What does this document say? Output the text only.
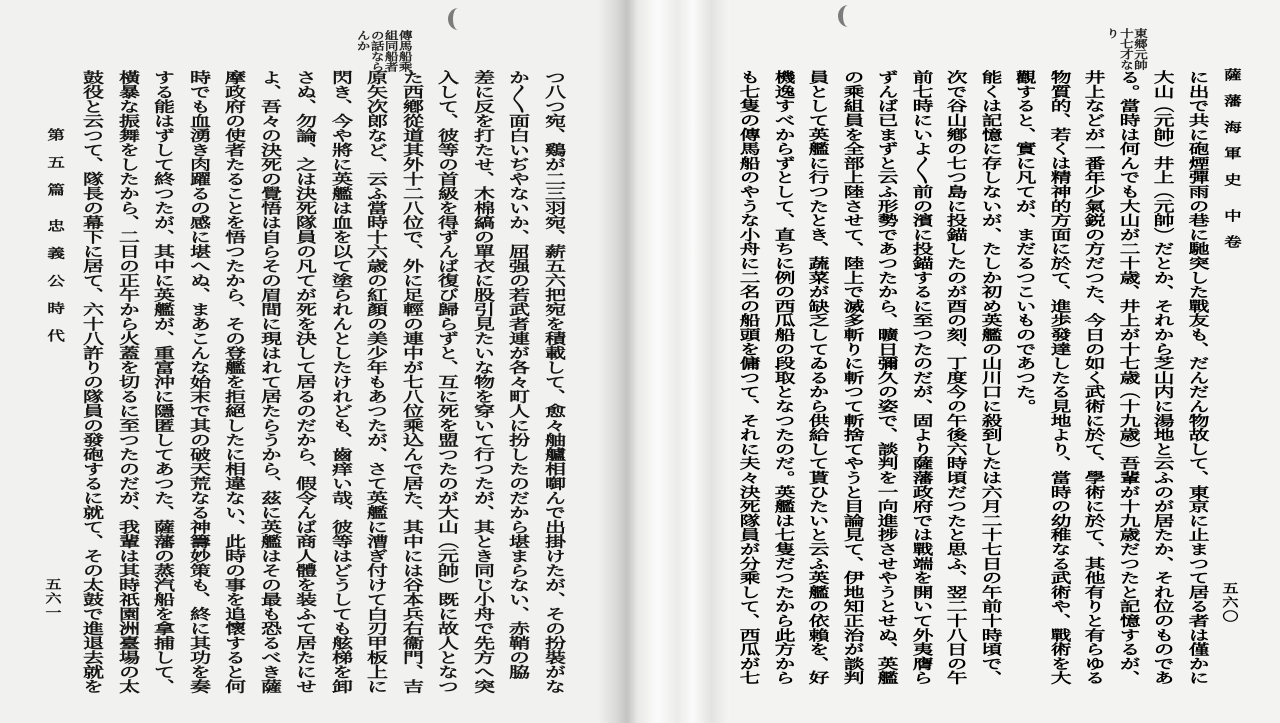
傳馬船乘
組同船者
の話なら
んか

つ八つ宛、鷄が二三羽宛、薪五六把宛を積載して、愈々舳艫相啣んで出掛けたが、その扮裝がな

か〳〵面白いぢやないか、屈强の若武者連が各々町人に扮したのだから堪まらない、赤鞘の脇

差に反を打たせ、木棉縞の單衣に股引見たいな物を穿いて行つたが、其とき同じ小舟で先方へ突

入して、彼等の首級を得ずんば復び歸らずと、互に死を盟つたのが大山（元帥）既に故人となつ

た西鄕從道其外十二八位で、外に足輕の連中が七八位乘込んで居た、其中には谷本兵右衞門、吉

原矢次郎など、云ふ當時十六歳の紅顏の美少年もあつたが、さて英艦に漕ぎ付けて白刃甲板上に

閃き、今や將に英艦は血を以て塗られんとしたけれども、齒痒い哉、彼等はどうしても舷梯を卸

さぬ、勿論、之は決死隊員の凡てが死を決して居るのだから、假令んば商人體を装ふて居たにせ

よ、吾々の決死の覺悟は自らその眉間に現はれて居たらうから、茲に英艦はその最も恐るべき薩

摩政府の使者たることを悟つたから、その登艦を拒絕したに相違ない、此時の事を追懷すると何

時でも血湧き肉躍るの感に堪へぬ、まあこんな始末で其の破天荒なる神籌妙策も、終に其功を奏

する能はずして終つたが、其中に英艦が、重富沖に隱匿してあつた、薩藩の蒸汽船を拿捕して、

橫暴な振舞をしたから、二日の正午から火蓋を切るに至つたのだが、我輩は其時祇園洲臺場の太

鼓役と云つて、隊長の幕下に居て、六十八許りの隊員の發砲するに就て、その太鼓で進退去就を

第 五 篇　忠 義 公 時 代
五六一
東郷元帥
十七才な
り

に出で共に砲煙彈雨の巷に馳突した戰友も、だんだん物故して、東京に止まつて居る者は僅かに

大山（元帥）井上（元帥）だとか、それから芝山内に湯地と云ふのが居たか、それ位のものであ

る。當時は何んでも大山が二十歳、井上が十七歳（十九歳）吾輩が十九歳だつたと記憶するが、

井上などが一番年少氣鋭の方だつた、今日の如く武術に於て、學術に於て、其他有りと有らゆる

物質的、若くは精神的方面に於て、進歩發達したる見地より、當時の幼稚なる武術や、戰術を大

觀すると、實に凡てが、まだるつこいものであつた。

能くは記憶に存しないが、たしか初め英艦の山川口に殺到したは六月二十七日の午前十時頃で、

次で谷山鄕の七つ島に投錨したのが酉の刻、丁度今の午後六時頃だつたと思ふ、翌二十八日の午

前七時にいよ〳〵前の濱に投錨するに至つたのだが、固より薩藩政府では戰端を開いて外夷膺ら

ずんば已まずと云ふ形勢であつたから、曠日彌久の姿で、談判を一向進捗させやうとせぬ、英艦

の乘組員を全部上陸させて、陸上で滅多斬りに斬つて斬捨てやうと目論見て、伊地知正治が談判

員として英艦に行つたとき、蔬菜が缺乏してゐるから供給して貰ひたいと云ふ英艦の依賴を、好

機逸すべからずとして、直ちに例の西瓜船の段取となつたのだ。英艦は七隻だつたから此方から

も七隻の傳馬船のやうな小舟に二名の船頭を傭つて、それに夫々決死隊員が分乘して、西瓜が七	薩 藩 海 軍 史　中 卷
五六〇
